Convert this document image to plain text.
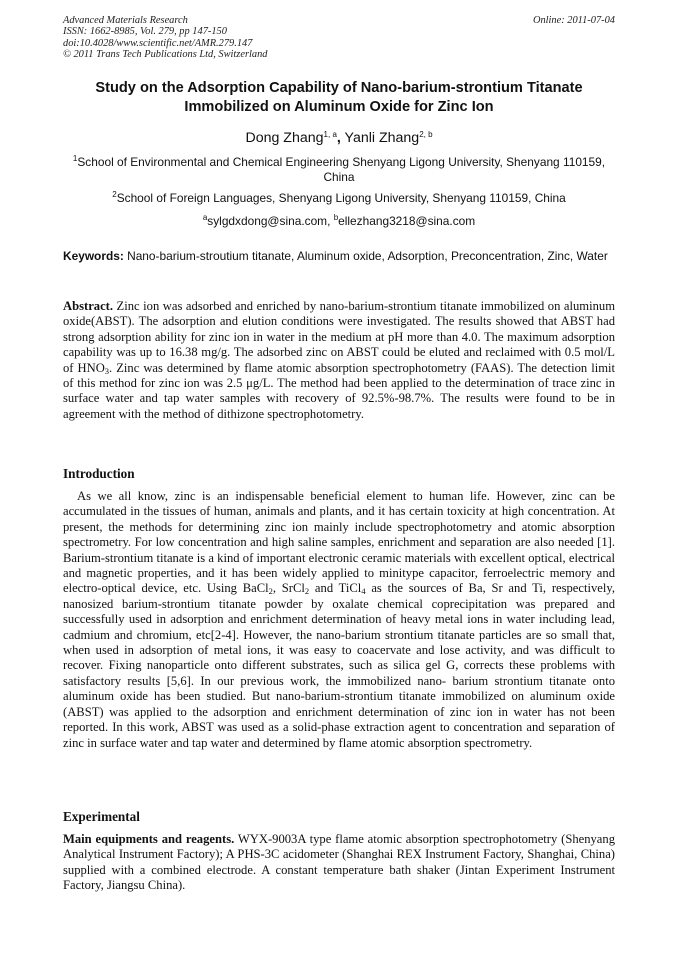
Advanced Materials Research
ISSN: 1662-8985, Vol. 279, pp 147-150
doi:10.4028/www.scientific.net/AMR.279.147
© 2011 Trans Tech Publications Ltd, Switzerland
Online: 2011-07-04
Study on the Adsorption Capability of Nano-barium-strontium Titanate
Immobilized on Aluminum Oxide for Zinc Ion
Dong Zhang$^{1, a}$, Yanli Zhang$^{2, b}$
$^1$School of Environmental and Chemical Engineering Shenyang Ligong University, Shenyang 110159, China
$^2$School of Foreign Languages, Shenyang Ligong University, Shenyang 110159, China
$^a$sylgdxdong@sina.com, $^b$ellezhang3218@sina.com
Keywords: Nano-barium-stroutium titanate, Aluminum oxide, Adsorption, Preconcentration, Zinc, Water
Abstract. Zinc ion was adsorbed and enriched by nano-barium-strontium titanate immobilized on aluminum oxide(ABST). The adsorption and elution conditions were investigated. The results showed that ABST had strong adsorption ability for zinc ion in water in the medium at pH more than 4.0. The maximum adsorption capability was up to 16.38 mg/g. The adsorbed zinc on ABST could be eluted and reclaimed with 0.5 mol/L of $HNO_3$. Zinc was determined by flame atomic absorption spectrophotometry (FAAS). The detection limit of this method for zinc ion was 2.5 μg/L. The method had been applied to the determination of trace zinc in surface water and tap water samples with recovery of 92.5%-98.7%. The results were found to be in agreement with the method of dithizone spectrophotometry.
Introduction
As we all know, zinc is an indispensable beneficial element to human life. However, zinc can be accumulated in the tissues of human, animals and plants, and it has certain toxicity at high concentration. At present, the methods for determining zinc ion mainly include spectrophotometry and atomic absorption spectrometry. For low concentration and high saline samples, enrichment and separation are also needed [1]. Barium-strontium titanate is a kind of important electronic ceramic materials with excellent optical, electrical and magnetic properties, and it has been widely applied to minitype capacitor, ferroelectric memory and electro-optical device, etc. Using BaCl$_2$, SrCl$_2$ and TiCl$_4$ as the sources of Ba, Sr and Ti, respectively, nanosized barium-strontium titanate powder by oxalate chemical coprecipitation was prepared and successfully used in adsorption and enrichment determination of heavy metal ions in water including lead, cadmium and chromium, etc[2-4]. However, the nano-barium strontium titanate particles are so small that, when used in adsorption of metal ions, it was easy to coacervate and lose activity, and was difficult to recover. Fixing nanoparticle onto different substrates, such as silica gel G, corrects these problems with satisfactory results [5,6]. In our previous work, the immobilized nano- barium strontium titanate onto aluminum oxide has been studied. But nano-barium-strontium titanate immobilized on aluminum oxide (ABST) was applied to the adsorption and enrichment determination of zinc ion in water has not been reported. In this work, ABST was used as a solid-phase extraction agent to concentration and separation of zinc in surface water and tap water and determined by flame atomic absorption spectrometry.
Experimental
Main equipments and reagents. WYX-9003A type flame atomic absorption spectrophotometry (Shenyang Analytical Instrument Factory); A PHS-3C acidometer (Shanghai REX Instrument Factory, Shanghai, China) supplied with a combined electrode. A constant temperature bath shaker (Jintan Experiment Instrument Factory, Jiangsu China).
